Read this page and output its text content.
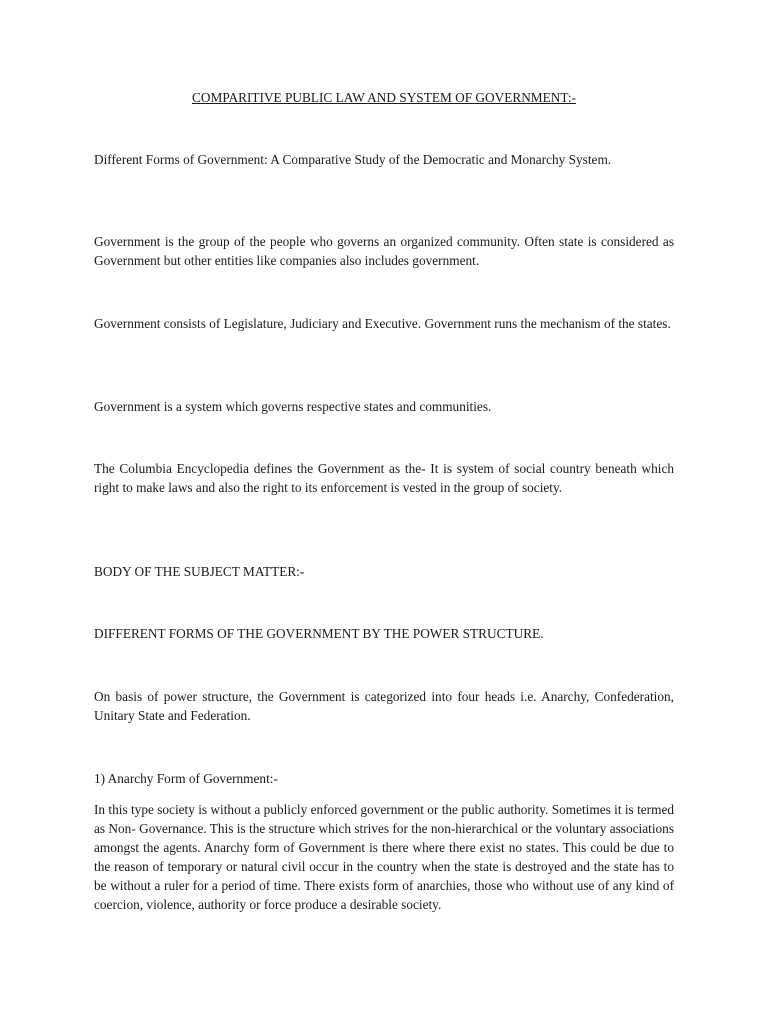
COMPARITIVE PUBLIC LAW AND SYSTEM OF GOVERNMENT:-

Different Forms of Government: A Comparative Study of the Democratic and Monarchy System.

Government is the group of the people who governs an organized community. Often state is considered as Government but other entities like companies also includes government.

Government consists of Legislature, Judiciary and Executive. Government runs the mechanism of the states.

Government is a system which governs respective states and communities.

The Columbia Encyclopedia defines the Government as the- It is system of social country beneath which right to make laws and also the right to its enforcement is vested in the group of society.

BODY OF THE SUBJECT MATTER:-

DIFFERENT FORMS OF THE GOVERNMENT BY THE POWER STRUCTURE.

On basis of power structure, the Government is categorized into four heads i.e. Anarchy, Confederation, Unitary State and Federation.

1) Anarchy Form of Government:-

In this type society is without a publicly enforced government or the public authority. Sometimes it is termed as Non- Governance. This is the structure which strives for the non-hierarchical or the voluntary associations amongst the agents. Anarchy form of Government is there where there exist no states. This could be due to the reason of temporary or natural civil occur in the country when the state is destroyed and the state has to be without a ruler for a period of time. There exists form of anarchies, those who without use of any kind of coercion, violence, authority or force produce a desirable society.
